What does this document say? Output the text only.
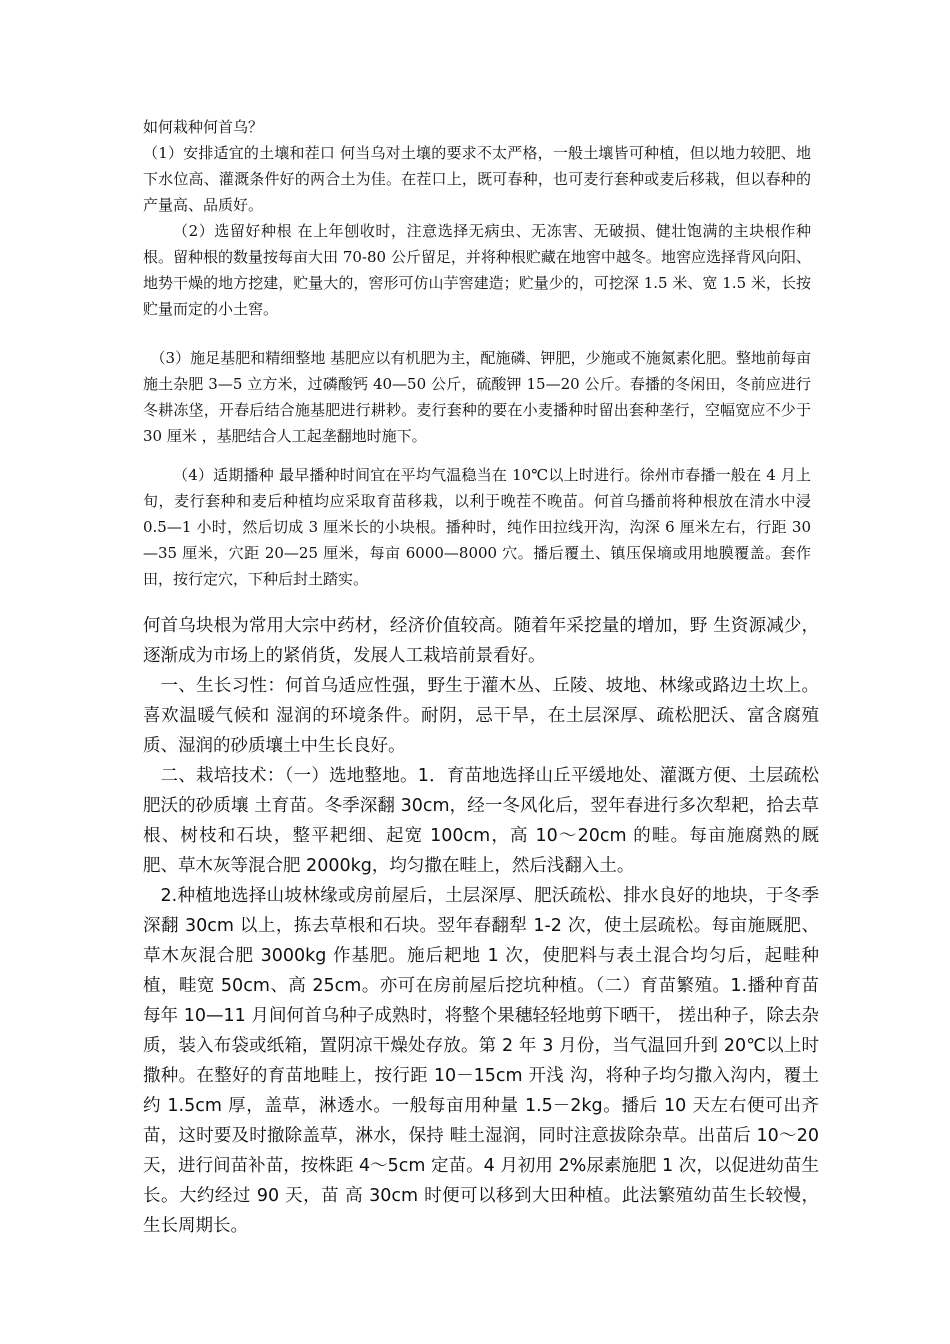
如何栽种何首乌？

（1）安排适宜的土壤和茬口 何当乌对土壤的要求不太严格，一般土壤皆可种植，但以地力较肥、地下水位高、灌溉条件好的两合土为佳。在茬口上，既可春种，也可麦行套种或麦后移栽，但以春种的产量高、品质好。

（2）选留好种根 在上年刨收时，注意选择无病虫、无冻害、无破损、健壮饱满的主块根作种根。留种根的数量按每亩大田 70-80 公斤留足，并将种根贮藏在地窖中越冬。地窖应选择背风向阳、地势干燥的地方挖建，贮量大的，窖形可仿山芋窖建造；贮量少的，可挖深 1.5 米、宽 1.5 米，长按贮量而定的小土窖。

（3）施足基肥和精细整地 基肥应以有机肥为主，配施磷、钾肥，少施或不施氮素化肥。整地前每亩施土杂肥 3—5 立方米，过磷酸钙 40—50 公斤，硫酸钾 15—20 公斤。春播的冬闲田，冬前应进行冬耕冻垡，开春后结合施基肥进行耕耖。麦行套种的要在小麦播种时留出套种垄行，空幅宽应不少于 30 厘米 ，基肥结合人工起垄翻地时施下。

（4）适期播种 最早播种时间宜在平均气温稳当在 10℃以上时进行。徐州市春播一般在 4 月上旬，麦行套种和麦后种植均应采取育苗移栽，以利于晚茬不晚苗。何首乌播前将种根放在清水中浸 0.5—1 小时，然后切成 3 厘米长的小块根。播种时，纯作田拉线开沟，沟深 6 厘米左右，行距 30—35 厘米，穴距 20—25 厘米，每亩 6000—8000 穴。播后覆土、镇压保墒或用地膜覆盖。套作田，按行定穴，下种后封土踏实。

何首乌块根为常用大宗中药材，经济价值较高。随着年采挖量的增加，野 生资源减少，逐渐成为市场上的紧俏货，发展人工栽培前景看好。

一、生长习性：何首乌适应性强，野生于灌木丛、丘陵、坡地、林缘或路边土坎上。喜欢温暖气候和 湿润的环境条件。耐阴，忌干旱，在土层深厚、疏松肥沃、富含腐殖质、湿润的砂质壤土中生长良好。

二、栽培技术：（一）选地整地。1．育苗地选择山丘平缓地处、灌溉方便、土层疏松肥沃的砂质壤 土育苗。冬季深翻 30cm，经一冬风化后，翌年春进行多次犁耙，拾去草根、树枝和石块，整平耙细、起宽 100cm，高 10～20cm 的畦。每亩施腐熟的厩 肥、草木灰等混合肥 2000kg，均匀撒在畦上，然后浅翻入土。

2.种植地选择山坡林缘或房前屋后，土层深厚、肥沃疏松、排水良好的地块，于冬季深翻 30cm 以上，拣去草根和石块。翌年春翻犁 1-2 次，使土层疏松。每亩施厩肥、草木灰混合肥 3000kg 作基肥。施后耙地 1 次，使肥料与表土混合均匀后，起畦种 植，畦宽 50cm、高 25cm。亦可在房前屋后挖坑种植。（二）育苗繁殖。1.播种育苗每年 10—11 月间何首乌种子成熟时，将整个果穗轻轻地剪下晒干， 搓出种子，除去杂质，装入布袋或纸箱，置阴凉干燥处存放。第 2 年 3 月份，当气温回升到 20℃以上时撒种。在整好的育苗地畦上，按行距 10－15cm 开浅 沟，将种子均匀撒入沟内，覆土约 1.5cm 厚，盖草，淋透水。一般每亩用种量 1.5－2kg。播后 10 天左右便可出齐苗，这时要及时撤除盖草，淋水，保持 畦土湿润，同时注意拔除杂草。出苗后 10～20 天，进行间苗补苗，按株距 4～5cm 定苗。4 月初用 2%尿素施肥 1 次，以促进幼苗生长。大约经过 90 天，苗 高 30cm 时便可以移到大田种植。此法繁殖幼苗生长较慢，生长周期长。
